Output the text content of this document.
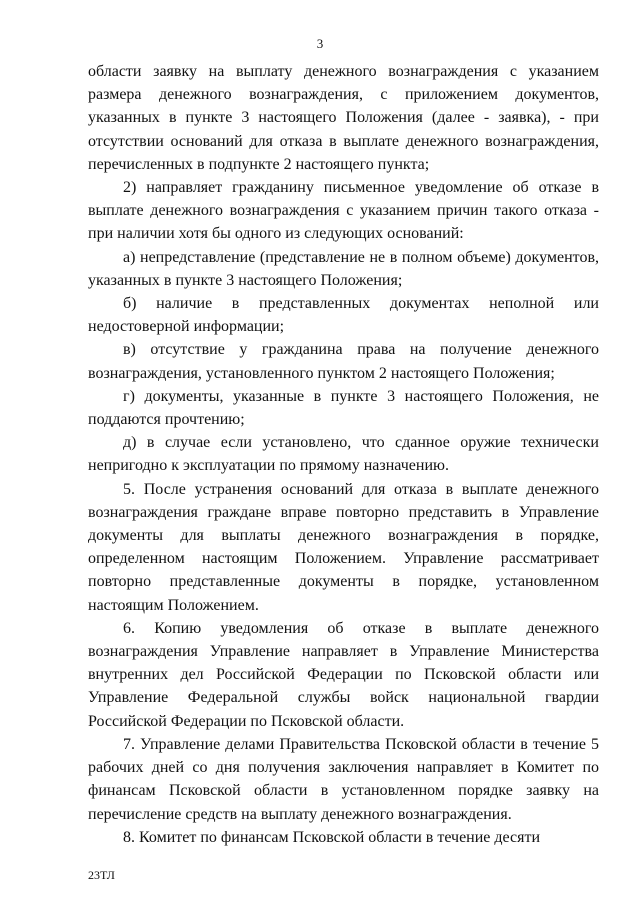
3

области заявку на выплату денежного вознаграждения с указанием размера денежного вознаграждения, с приложением документов, указанных в пункте 3 настоящего Положения (далее - заявка), - при отсутствии оснований для отказа в выплате денежного вознаграждения, перечисленных в подпункте 2 настоящего пункта;

2) направляет гражданину письменное уведомление об отказе в выплате денежного вознаграждения с указанием причин такого отказа - при наличии хотя бы одного из следующих оснований:

а) непредставление (представление не в полном объеме) документов, указанных в пункте 3 настоящего Положения;

б) наличие в представленных документах неполной или недостоверной информации;

в) отсутствие у гражданина права на получение денежного вознаграждения, установленного пунктом 2 настоящего Положения;

г) документы, указанные в пункте 3 настоящего Положения, не поддаются прочтению;

д) в случае если установлено, что сданное оружие технически непригодно к эксплуатации по прямому назначению.

5. После устранения оснований для отказа в выплате денежного вознаграждения граждане вправе повторно представить в Управление документы для выплаты денежного вознаграждения в порядке, определенном настоящим Положением. Управление рассматривает повторно представленные документы в порядке, установленном настоящим Положением.

6. Копию уведомления об отказе в выплате денежного вознаграждения Управление направляет в Управление Министерства внутренних дел Российской Федерации по Псковской области или Управление Федеральной службы войск национальной гвардии Российской Федерации по Псковской области.

7. Управление делами Правительства Псковской области в течение 5 рабочих дней со дня получения заключения направляет в Комитет по финансам Псковской области в установленном порядке заявку на перечисление средств на выплату денежного вознаграждения.

8. Комитет по финансам Псковской области в течение десяти

23ТЛ
